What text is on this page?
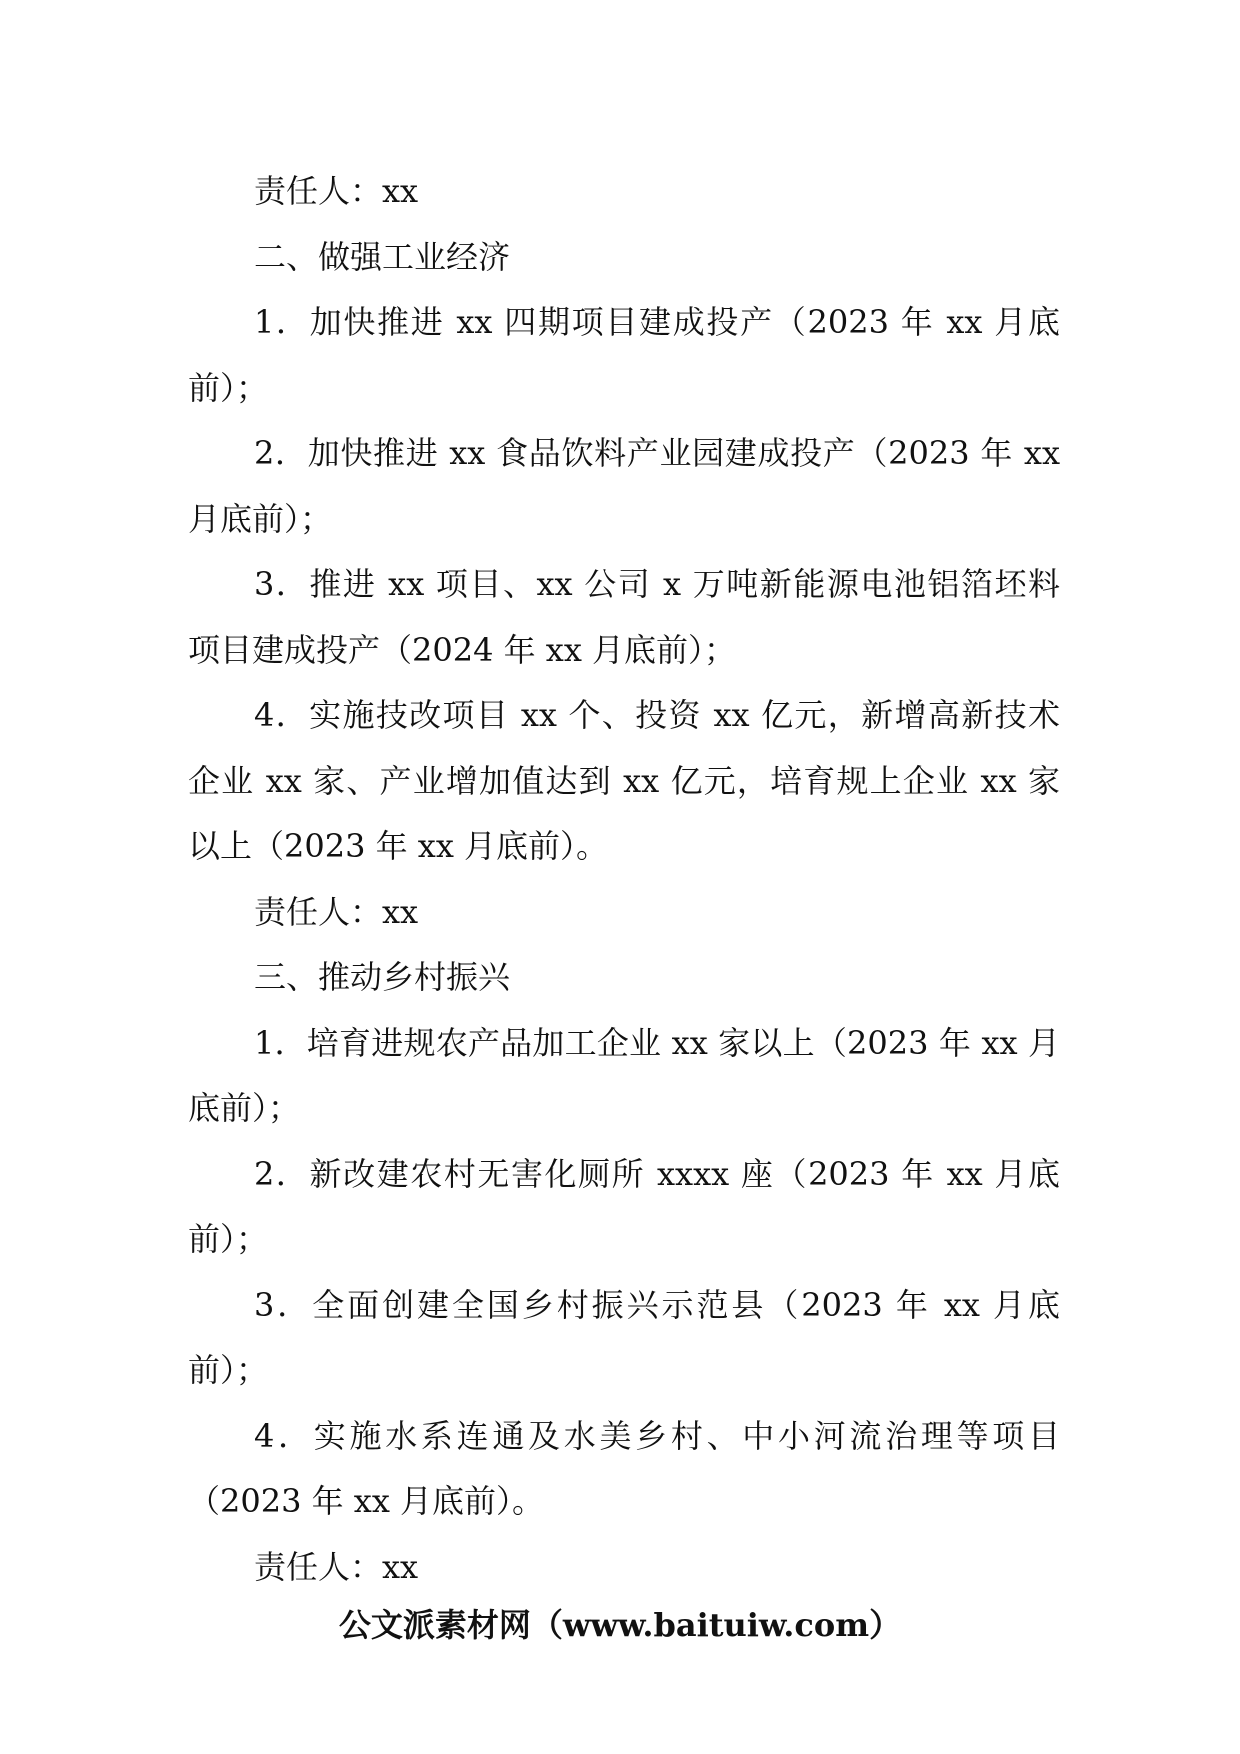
责任人：xx
二、做强工业经济
1．加快推进 xx 四期项目建成投产（2023 年 xx 月底
前）；
2．加快推进 xx 食品饮料产业园建成投产（2023 年 xx
月底前）；
3．推进 xx 项目、xx 公司 x 万吨新能源电池铝箔坯料
项目建成投产（2024 年 xx 月底前）；
4．实施技改项目 xx 个、投资 xx 亿元，新增高新技术
企业 xx 家、产业增加值达到 xx 亿元，培育规上企业 xx 家
以上（2023 年 xx 月底前）。
责任人：xx
三、推动乡村振兴
1．培育进规农产品加工企业 xx 家以上（2023 年 xx 月
底前）；
2．新改建农村无害化厕所 xxxx 座（2023 年 xx 月底
前）；
3．全面创建全国乡村振兴示范县（2023 年 xx 月底
前）；
4．实施水系连通及水美乡村、中小河流治理等项目
（2023 年 xx 月底前）。
责任人：xx
公文派素材网（www.baituiw.com）
